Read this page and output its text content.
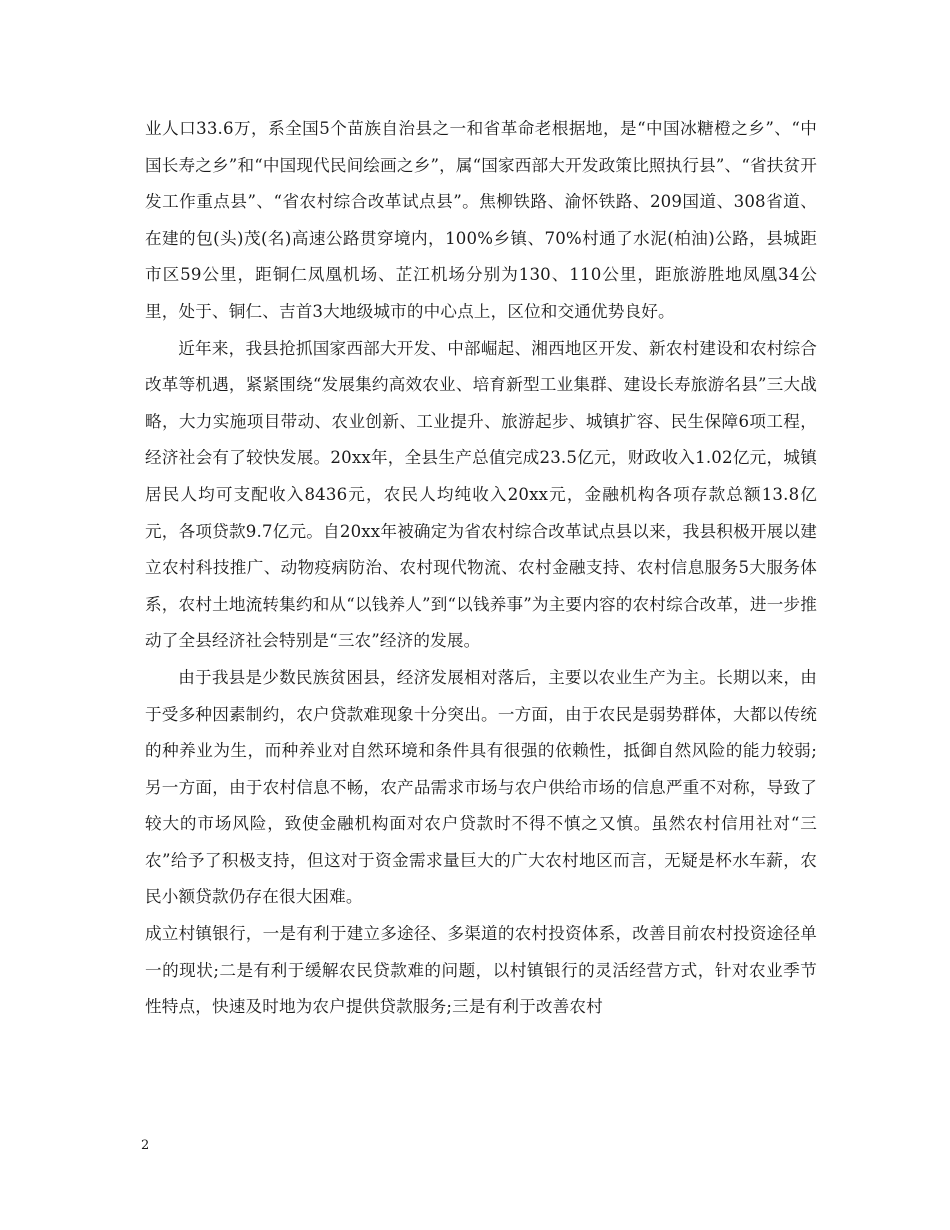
业人口33.6万，系全国5个苗族自治县之一和省革命老根据地，是“中国冰糖橙之乡”、“中国长寿之乡”和“中国现代民间绘画之乡”，属“国家西部大开发政策比照执行县”、“省扶贫开发工作重点县”、“省农村综合改革试点县”。焦柳铁路、渝怀铁路、209国道、308省道、在建的包(头)茂(名)高速公路贯穿境内，100%乡镇、70%村通了水泥(柏油)公路，县城距市区59公里，距铜仁凤凰机场、芷江机场分别为130、110公里，距旅游胜地凤凰34公里，处于、铜仁、吉首3大地级城市的中心点上，区位和交通优势良好。

近年来，我县抢抓国家西部大开发、中部崛起、湘西地区开发、新农村建设和农村综合改革等机遇，紧紧围绕“发展集约高效农业、培育新型工业集群、建设长寿旅游名县”三大战略，大力实施项目带动、农业创新、工业提升、旅游起步、城镇扩容、民生保障6项工程，经济社会有了较快发展。20xx年，全县生产总值完成23.5亿元，财政收入1.02亿元，城镇居民人均可支配收入8436元，农民人均纯收入20xx元，金融机构各项存款总额13.8亿元，各项贷款9.7亿元。自20xx年被确定为省农村综合改革试点县以来，我县积极开展以建立农村科技推广、动物疫病防治、农村现代物流、农村金融支持、农村信息服务5大服务体系，农村土地流转集约和从“以钱养人”到“以钱养事”为主要内容的农村综合改革，进一步推动了全县经济社会特别是“三农”经济的发展。

由于我县是少数民族贫困县，经济发展相对落后，主要以农业生产为主。长期以来，由于受多种因素制约，农户贷款难现象十分突出。一方面，由于农民是弱势群体，大都以传统的种养业为生，而种养业对自然环境和条件具有很强的依赖性，抵御自然风险的能力较弱;另一方面，由于农村信息不畅，农产品需求市场与农户供给市场的信息严重不对称，导致了较大的市场风险，致使金融机构面对农户贷款时不得不慎之又慎。虽然农村信用社对“三农”给予了积极支持，但这对于资金需求量巨大的广大农村地区而言，无疑是杯水车薪，农民小额贷款仍存在很大困难。

成立村镇银行，一是有利于建立多途径、多渠道的农村投资体系，改善目前农村投资途径单一的现状;二是有利于缓解农民贷款难的问题，以村镇银行的灵活经营方式，针对农业季节性特点，快速及时地为农户提供贷款服务;三是有利于改善农村

2
